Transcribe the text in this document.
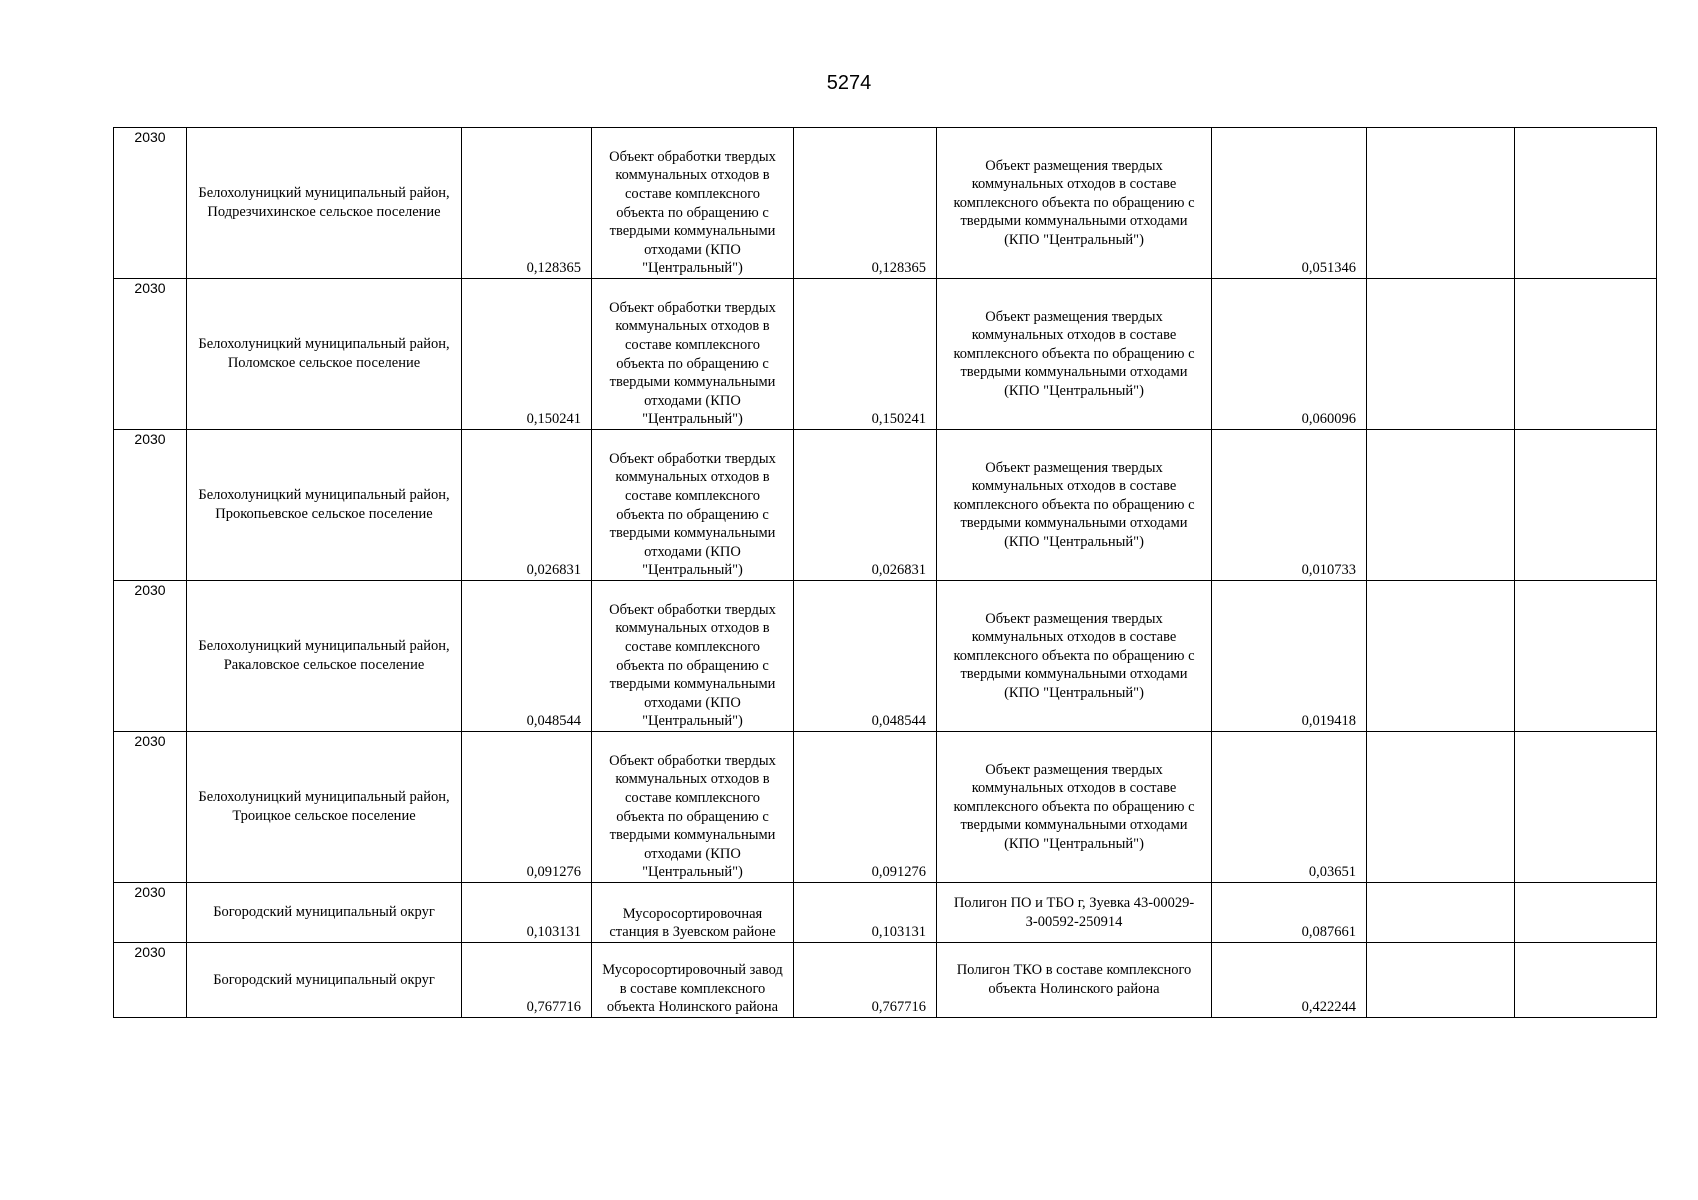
5274
2030	Белохолуницкий муниципальный район, Подрезчихинское сельское поселение	0,128365	Объект обработки твердых коммунальных отходов в составе комплексного объекта по обращению с твердыми коммунальными отходами (КПО "Центральный")	0,128365	Объект размещения твердых коммунальных отходов в составе комплексного объекта по обращению с твердыми коммунальными отходами (КПО "Центральный")	0,051346		
2030	Белохолуницкий муниципальный район, Поломское сельское поселение	0,150241	Объект обработки твердых коммунальных отходов в составе комплексного объекта по обращению с твердыми коммунальными отходами (КПО "Центральный")	0,150241	Объект размещения твердых коммунальных отходов в составе комплексного объекта по обращению с твердыми коммунальными отходами (КПО "Центральный")	0,060096		
2030	Белохолуницкий муниципальный район, Прокопьевское сельское поселение	0,026831	Объект обработки твердых коммунальных отходов в составе комплексного объекта по обращению с твердыми коммунальными отходами (КПО "Центральный")	0,026831	Объект размещения твердых коммунальных отходов в составе комплексного объекта по обращению с твердыми коммунальными отходами (КПО "Центральный")	0,010733		
2030	Белохолуницкий муниципальный район, Ракаловское сельское поселение	0,048544	Объект обработки твердых коммунальных отходов в составе комплексного объекта по обращению с твердыми коммунальными отходами (КПО "Центральный")	0,048544	Объект размещения твердых коммунальных отходов в составе комплексного объекта по обращению с твердыми коммунальными отходами (КПО "Центральный")	0,019418		
2030	Белохолуницкий муниципальный район, Троицкое сельское поселение	0,091276	Объект обработки твердых коммунальных отходов в составе комплексного объекта по обращению с твердыми коммунальными отходами (КПО "Центральный")	0,091276	Объект размещения твердых коммунальных отходов в составе комплексного объекта по обращению с твердыми коммунальными отходами (КПО "Центральный")	0,03651		
2030	Богородский муниципальный округ	0,103131	Мусоросортировочная станция в Зуевском районе	0,103131	Полигон ПО и ТБО г, Зуевка 43-00029-З-00592-250914	0,087661		
2030	Богородский муниципальный округ	0,767716	Мусоросортировочный завод в составе комплексного объекта Нолинского района	0,767716	Полигон ТКО в составе комплексного объекта Нолинского района	0,422244		
